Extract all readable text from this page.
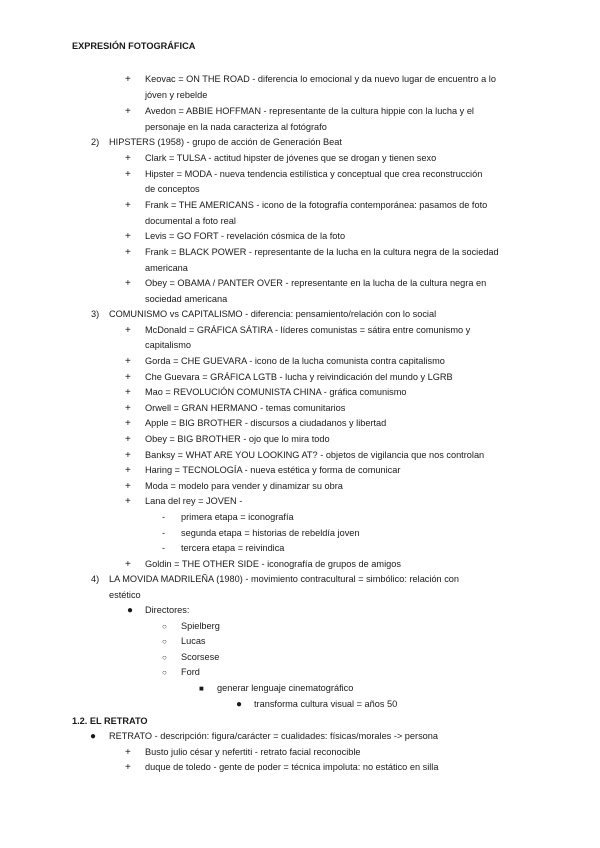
EXPRESIÓN FOTOGRÁFICA
+ Keovac = ON THE ROAD - diferencia lo emocional y da nuevo lugar de encuentro a lo
jóven y rebelde
+ Avedon = ABBIE HOFFMAN - representante de la cultura hippie con la lucha y el
personaje en la nada caracteriza al fotógrafo
2) HIPSTERS (1958) - grupo de acción de Generación Beat
+ Clark = TULSA - actitud hipster de jóvenes que se drogan y tienen sexo
+ Hipster = MODA - nueva tendencia estilística y conceptual que crea reconstrucción
de conceptos
+ Frank = THE AMERICANS - icono de la fotografía contemporánea: pasamos de foto
documental a foto real
+ Levis = GO FORT - revelación cósmica de la foto
+ Frank = BLACK POWER - representante de la lucha en la cultura negra de la sociedad
americana
+ Obey = OBAMA / PANTER OVER - representante en la lucha de la cultura negra en
sociedad americana
3) COMUNISMO vs CAPITALISMO - diferencia: pensamiento/relación con lo social
+ McDonald = GRÁFICA SÁTIRA - líderes comunistas = sátira entre comunismo y
capitalismo
+ Gorda = CHE GUEVARA - icono de la lucha comunista contra capitalismo
+ Che Guevara = GRÁFICA LGTB - lucha y reivindicación del mundo y LGRB
+ Mao = REVOLUCIÓN COMUNISTA CHINA - gráfica comunismo
+ Orwell = GRAN HERMANO - temas comunitarios
+ Apple = BIG BROTHER - discursos a ciudadanos y libertad
+ Obey = BIG BROTHER - ojo que lo mira todo
+ Banksy = WHAT ARE YOU LOOKING AT? - objetos de vigilancia que nos controlan
+ Haring = TECNOLOGÍA - nueva estética y forma de comunicar
+ Moda = modelo para vender y dinamizar su obra
+ Lana del rey = JOVEN -
- primera etapa = iconografía
- segunda etapa = historias de rebeldía joven
- tercera etapa = reivindica
+ Goldin = THE OTHER SIDE - iconografía de grupos de amigos
4) LA MOVIDA MADRILEÑA (1980) - movimiento contracultural = simbólico: relación con
estético
● Directores:
○ Spielberg
○ Lucas
○ Scorsese
○ Ford
■ generar lenguaje cinematográfico
● transforma cultura visual = años 50
1.2. EL RETRATO
● RETRATO - descripción: figura/carácter = cualidades: físicas/morales -> persona
+ Busto julio césar y nefertiti - retrato facial reconocible
+ duque de toledo - gente de poder = técnica impoluta: no estático en silla
